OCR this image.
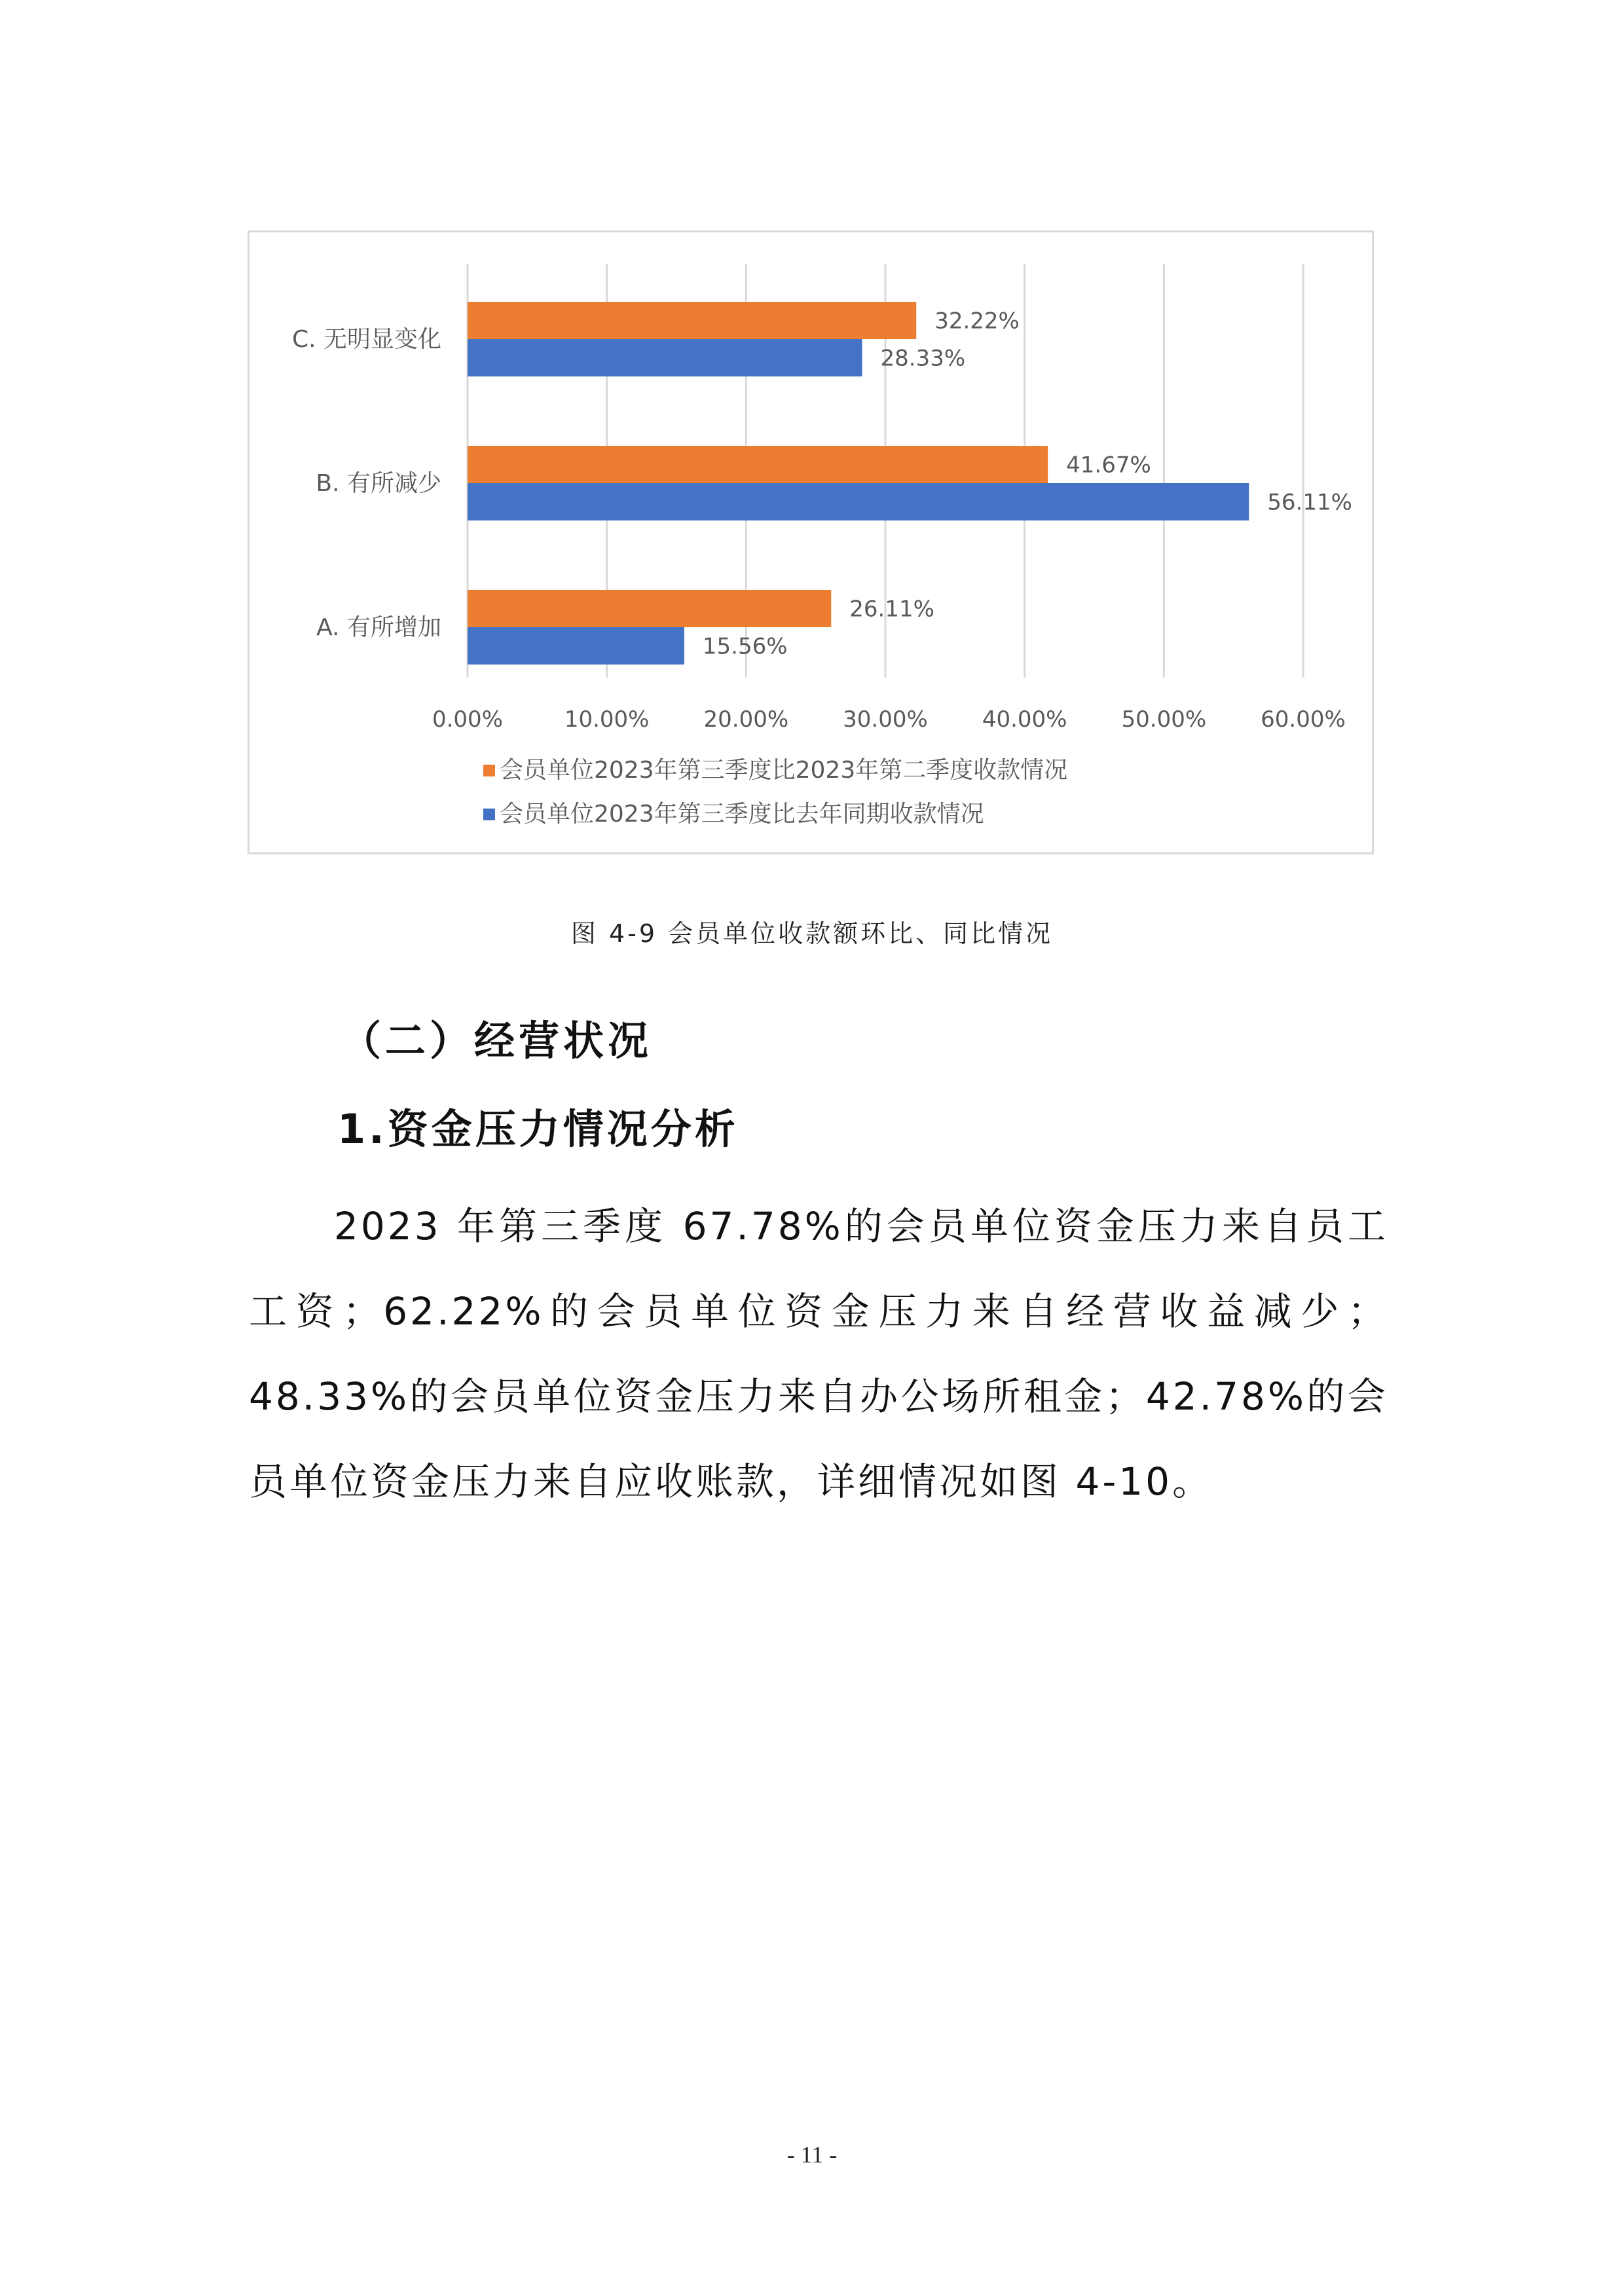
0.00%	10.00% 20.00% 30.00% 40.00% 50.00% 60.00%
C. 无明显变化
32.22%
28.33%
B. 有所减少
41.67%
56.11%
A. 有所增加
26.11%
15.56%
会员单位2023年第三季度比2023年第二季度收款情况
会员单位2023年第三季度比去年同期收款情况
图 4-9 会员单位收款额环比、同比情况
（二）经营状况
1.资金压力情况分析
2023 年第三季度 67.78%的会员单位资金压力来自员工工资；62.22%的会员单位资金压力来自经营收益减少；48.33%的会员单位资金压力来自办公场所租金；42.78%的会员单位资金压力来自应收账款，详细情况如图 4-10。
- 11 -
